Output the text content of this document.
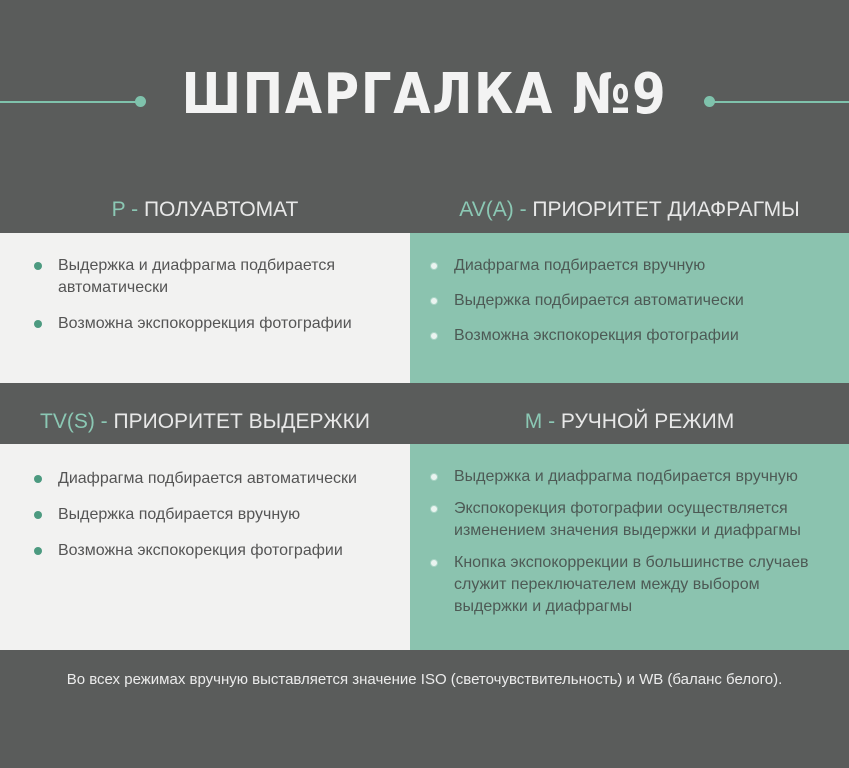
ШПАРГАЛКА №9
P - ПОЛУАВТОМАТ
Выдержка и диафрагма подбирается автоматически
Возможна экспокоррекция фотографии
AV(A) - ПРИОРИТЕТ ДИАФРАГМЫ
Диафрагма подбирается вручную
Выдержка подбирается автоматически
Возможна экспокорекция фотографии
TV(S) - ПРИОРИТЕТ ВЫДЕРЖКИ
Диафрагма подбирается автоматически
Выдержка подбирается вручную
Возможна экспокорекция фотографии
M - РУЧНОЙ РЕЖИМ
Выдержка и диафрагма подбирается вручную
Экспокорекция фотографии осуществляется изменением значения выдержки и диафрагмы
Кнопка экспокоррекции в большинстве случаев служит переключателем между выбором выдержки и диафрагмы
Во всех режимах вручную выставляется значение ISO (светочувствительность) и WB (баланс белого).
